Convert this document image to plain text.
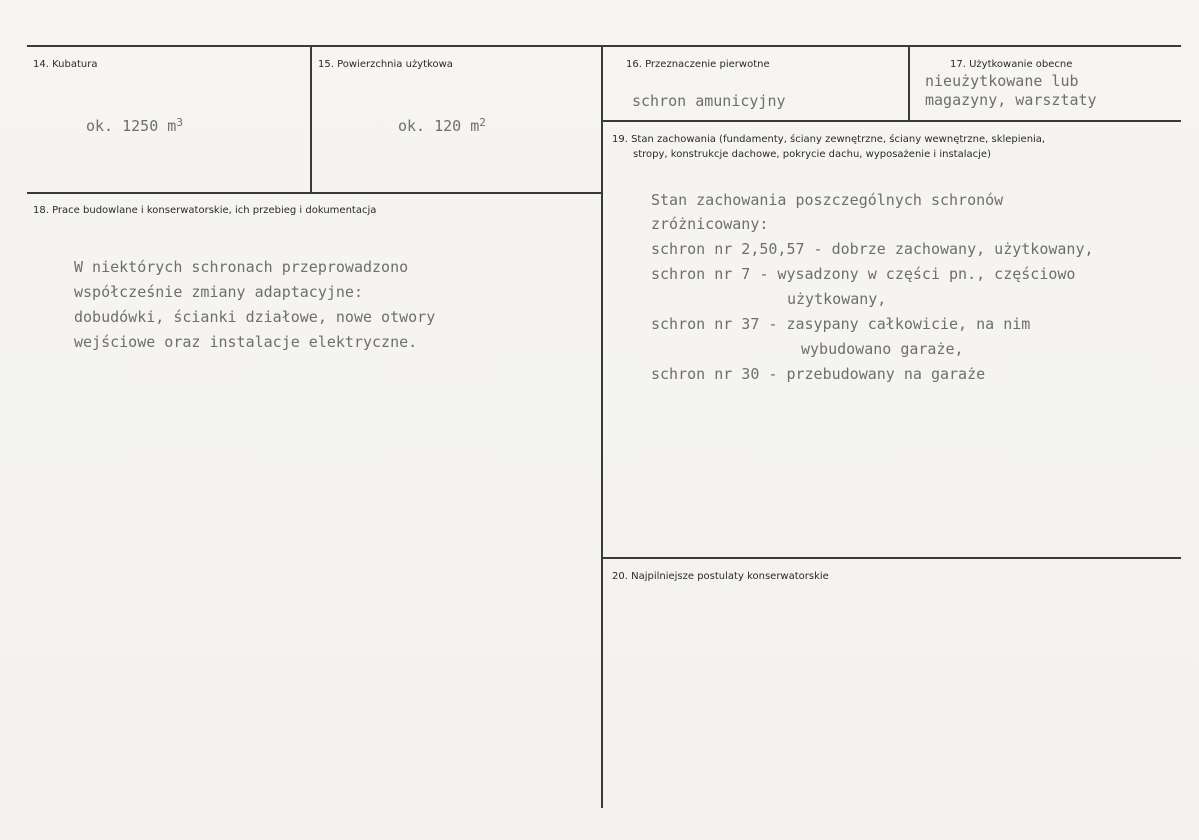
14. Kubatura
ok. 1250 $m^3$
15. Powierzchnia użytkowa
ok. 120 $m^2$
16. Przeznaczenie pierwotne
schron amunicyjny
17. Użytkowanie obecne
nieużytkowane lub
magazyny, warsztaty
18. Prace budowlane i konserwatorskie, ich przebieg i dokumentacja
W niektórych schronach przeprowadzono
współcześnie zmiany adaptacyjne:
dobudówki, ścianki działowe, nowe otwory
wejściowe oraz instalacje elektryczne.
19. Stan zachowania (fundamenty, ściany zewnętrzne, ściany wewnętrzne, sklepienia,
stropy, konstrukcje dachowe, pokrycie dachu, wyposażenie i instalacje)
Stan zachowania poszczególnych schronów
zróżnicowany:
schron nr 2,50,57 - dobrze zachowany, użytkowany,
schron nr 7 - wysadzony w części pn., częściowo
użytkowany,
schron nr 37 - zasypany całkowicie, na nim
wybudowano garaże,
schron nr 30 - przebudowany na garaże
20. Najpilniejsze postulaty konserwatorskie
